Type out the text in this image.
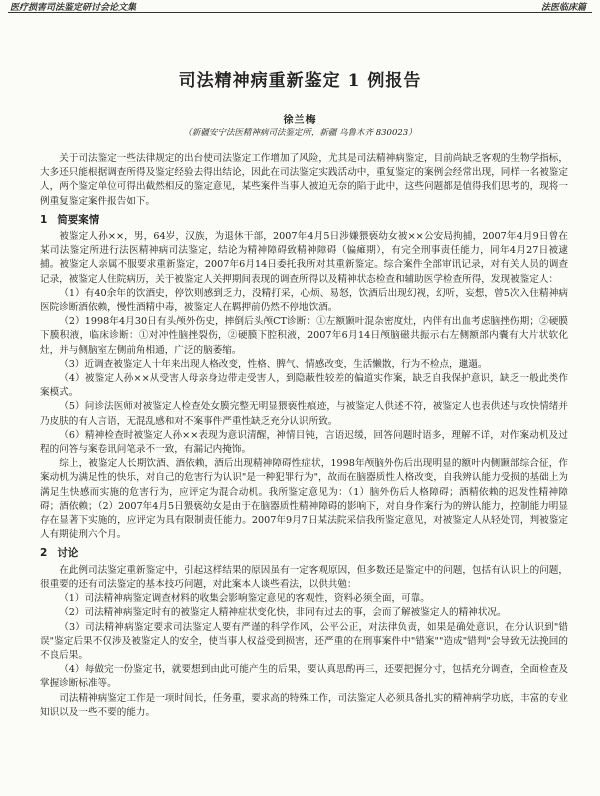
医疗损害司法鉴定研讨会论文集	法医临床篇
司法精神病重新鉴定 1 例报告
徐兰梅
（新疆安宁法医精神病司法鉴定所，新疆 乌鲁木齐 830023）

关于司法鉴定一些法律规定的出台使司法鉴定工作增加了风险，尤其是司法精神病鉴定，目前尚缺乏客观的生物学指标，大多还只能根据调查所得及鉴定经验去得出结论，因此在司法鉴定实践活动中，重复鉴定的案例会经常出现，同样一名被鉴定人，两个鉴定单位可得出截然相反的鉴定意见，某些案件当事人被迫无奈的陷于此中，这些问题都是值得我们思考的，现将一例重复鉴定案件报告如下。

1 简要案情

被鉴定人孙××，男，64岁，汉族，为退休干部，2007年4月5日涉嫌猥亵幼女被××公安局拘捕，2007年4月9日曾在某司法鉴定所进行法医精神病司法鉴定，结论为精神障碍致精神障碍（偏瘫期），有完全刑事责任能力，同年4月27日被逮捕。被鉴定人亲属不服要求重新鉴定，2007年6月14日委托我所对其重新鉴定。综合案件全部审讯记录，对有关人员的调查记录，被鉴定人住院病历，关于被鉴定人关押期间表现的调查所得以及精神状态检查和辅助医学检查所得，发现被鉴定人：

（1）有40余年的饮酒史，停饮则感到乏力，没精打采，心烦、易怒，饮酒后出现幻视，幻听，妄想，曾5次入住精神病医院诊断酒依赖，慢性酒精中毒，被鉴定人在羁押前仍然不停地饮酒。

（2）1998年4月30日有头颅外伤史，摔倒后头颅CT诊断：①左额颞叶混杂密度灶，内伴有出血考虑脑挫伤期；②硬膜下膜积液，临床诊断：①对冲性脑挫裂伤，②硬膜下腔积液，2007年6月14日颅脑磁共振示右左侧额部内囊有大片状软化灶，并与侧脑室左侧前角相通，广泛的脑萎缩。

（3）近调查被鉴定人十年来出现人格改变，性格、脾气、情感改变，生活懒散，行为不检点，邋遢。

（4）被鉴定人孙××从受害人母亲身边带走受害人，到隐蔽性较差的偏道实作案，缺乏自我保护意识，缺乏一般此类作案模式。

（5）问诊法医师对被鉴定人检查处女膜完整无明显猥亵性痕迹，与被鉴定人供述不符，被鉴定人也表供述与攻快情绪并乃皮肤的有人言语，无混乱感和对不案事件严重性缺乏充分认识所致。

（6）精神检查时被鉴定人孙××表现为意识清醒，神情目钝，言语迟缓，回答问题时语多，理解不详，对作案动机及过程的问答与案卷讯问笔录不一致，有漏记内掩饰。

综上，被鉴定人长期饮酒、酒依赖，酒后出现精神障碍性症状，1998年颅脑外伤后出现明显的额叶内侧颞部综合征，作案动机为满足性的快乐，对自己的危害行为认识"是一种犯罪行为"，故而在脑器质性人格改变，自我辨认能力受损的基础上为满足生快感而实施的危害行为，应评定为混合动机。我所鉴定意见为：（1）脑外伤后人格障碍；酒精依赖的迟发性精神障碍；酒依赖；（2）2007年4月5日猥亵幼女是由于在脑器质性精神障碍的影响下，对自身作案行为的辨认能力，控制能力明显存在显著下实施的，应评定为具有限制责任能力。2007年9月7日某法院采信我所鉴定意见，对被鉴定人从轻处罚，判被鉴定人有期徒刑六个月。

2 讨论

在此例司法鉴定重新鉴定中，引起这样结果的原因虽有一定客观原因，但多数还是鉴定中的问题，包括有认识上的问题，很重要的还有司法鉴定的基本技巧问题，对此案本人谈些看法，以供共勉：

（1）司法精神病鉴定调查材料的收集会影响鉴定意见的客观性，资料必须全面，可靠。

（2）司法精神病鉴定时有的被鉴定人精神症状变化快，非同有过去的事，会而了解被鉴定人的精神状况。

（3）司法精神病鉴定要求司法鉴定人要有严谨的科学作风，公平公正，对法律负责，如果是确处意识，在分认识到"错误"鉴定后果不仅涉及被鉴定人的安全，使当事人权益受到损害，还严重的在刑事案件中"错案""造成"错判"会导致无法挽回的不良后果。

（4）每做完一份鉴定书，就要想到由此可能产生的后果，要认真思酌再三，还要把握分寸，包括充分调查，全面检查及掌握诊断标准等。

司法精神病鉴定工作是一项时间长，任务重，要求高的特殊工作，司法鉴定人必须具备扎实的精神病学功底，丰富的专业知识以及一些不要的能力。
